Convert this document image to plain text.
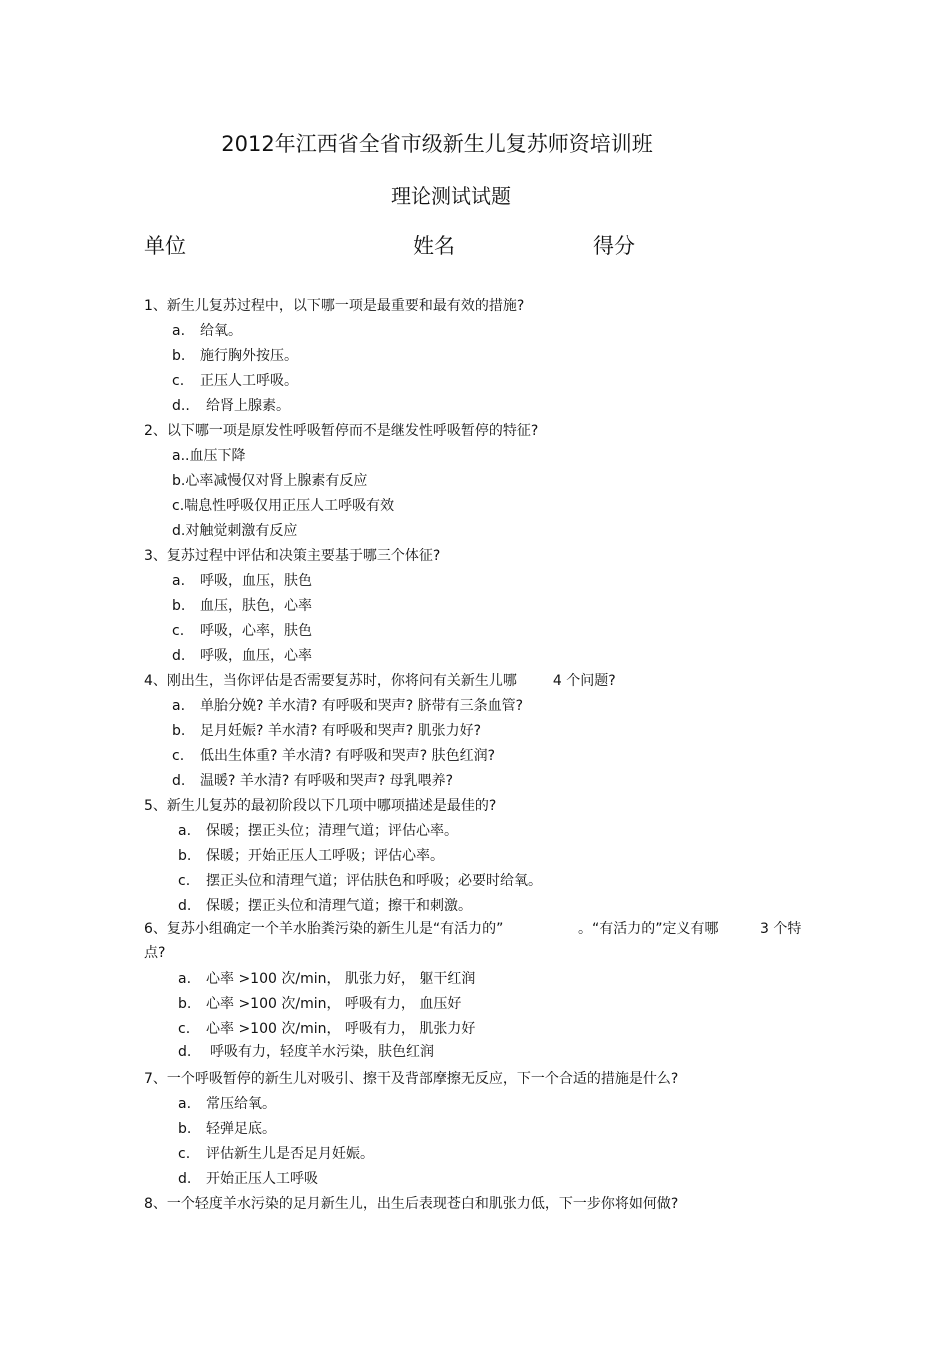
2012年江西省全省市级新生儿复苏师资培训班
理论测试试题
单位	姓名	得分
1、新生儿复苏过程中，以下哪一项是最重要和最有效的措施?
a. 给氧。
b. 施行胸外按压。
c. 正压人工呼吸。
d.. 给肾上腺素。
2、以下哪一项是原发性呼吸暂停而不是继发性呼吸暂停的特征?
a..血压下降
b.心率减慢仅对肾上腺素有反应
c.喘息性呼吸仅用正压人工呼吸有效
d.对触觉刺激有反应
3、复苏过程中评估和决策主要基于哪三个体征?
a. 呼吸，血压，肤色
b. 血压，肤色，心率
c. 呼吸，心率，肤色
d. 呼吸，血压，心率
4、刚出生，当你评估是否需要复苏时，你将问有关新生儿哪	4 个问题?
a. 单胎分娩? 羊水清? 有呼吸和哭声? 脐带有三条血管?
b. 足月妊娠? 羊水清? 有呼吸和哭声? 肌张力好?
c. 低出生体重? 羊水清? 有呼吸和哭声? 肤色红润?
d. 温暖? 羊水清? 有呼吸和哭声? 母乳喂养?
5、新生儿复苏的最初阶段以下几项中哪项描述是最佳的?
a. 保暖；摆正头位；清理气道；评估心率。
b. 保暖；开始正压人工呼吸；评估心率。
c. 摆正头位和清理气道；评估肤色和呼吸；必要时给氧。
d. 保暖；摆正头位和清理气道；擦干和刺激。
6、复苏小组确定一个羊水胎粪污染的新生儿是“有活力的”	。“有活力的”定义有哪	3 个特
点?
a. 心率 >100 次/min， 肌张力好， 躯干红润
b. 心率 >100 次/min， 呼吸有力， 血压好
c. 心率 >100 次/min， 呼吸有力， 肌张力好
d. 呼吸有力，轻度羊水污染，肤色红润
7、一个呼吸暂停的新生儿对吸引、擦干及背部摩擦无反应，下一个合适的措施是什么?
a. 常压给氧。
b. 轻弹足底。
c. 评估新生儿是否足月妊娠。
d. 开始正压人工呼吸
8、一个轻度羊水污染的足月新生儿，出生后表现苍白和肌张力低，下一步你将如何做?
